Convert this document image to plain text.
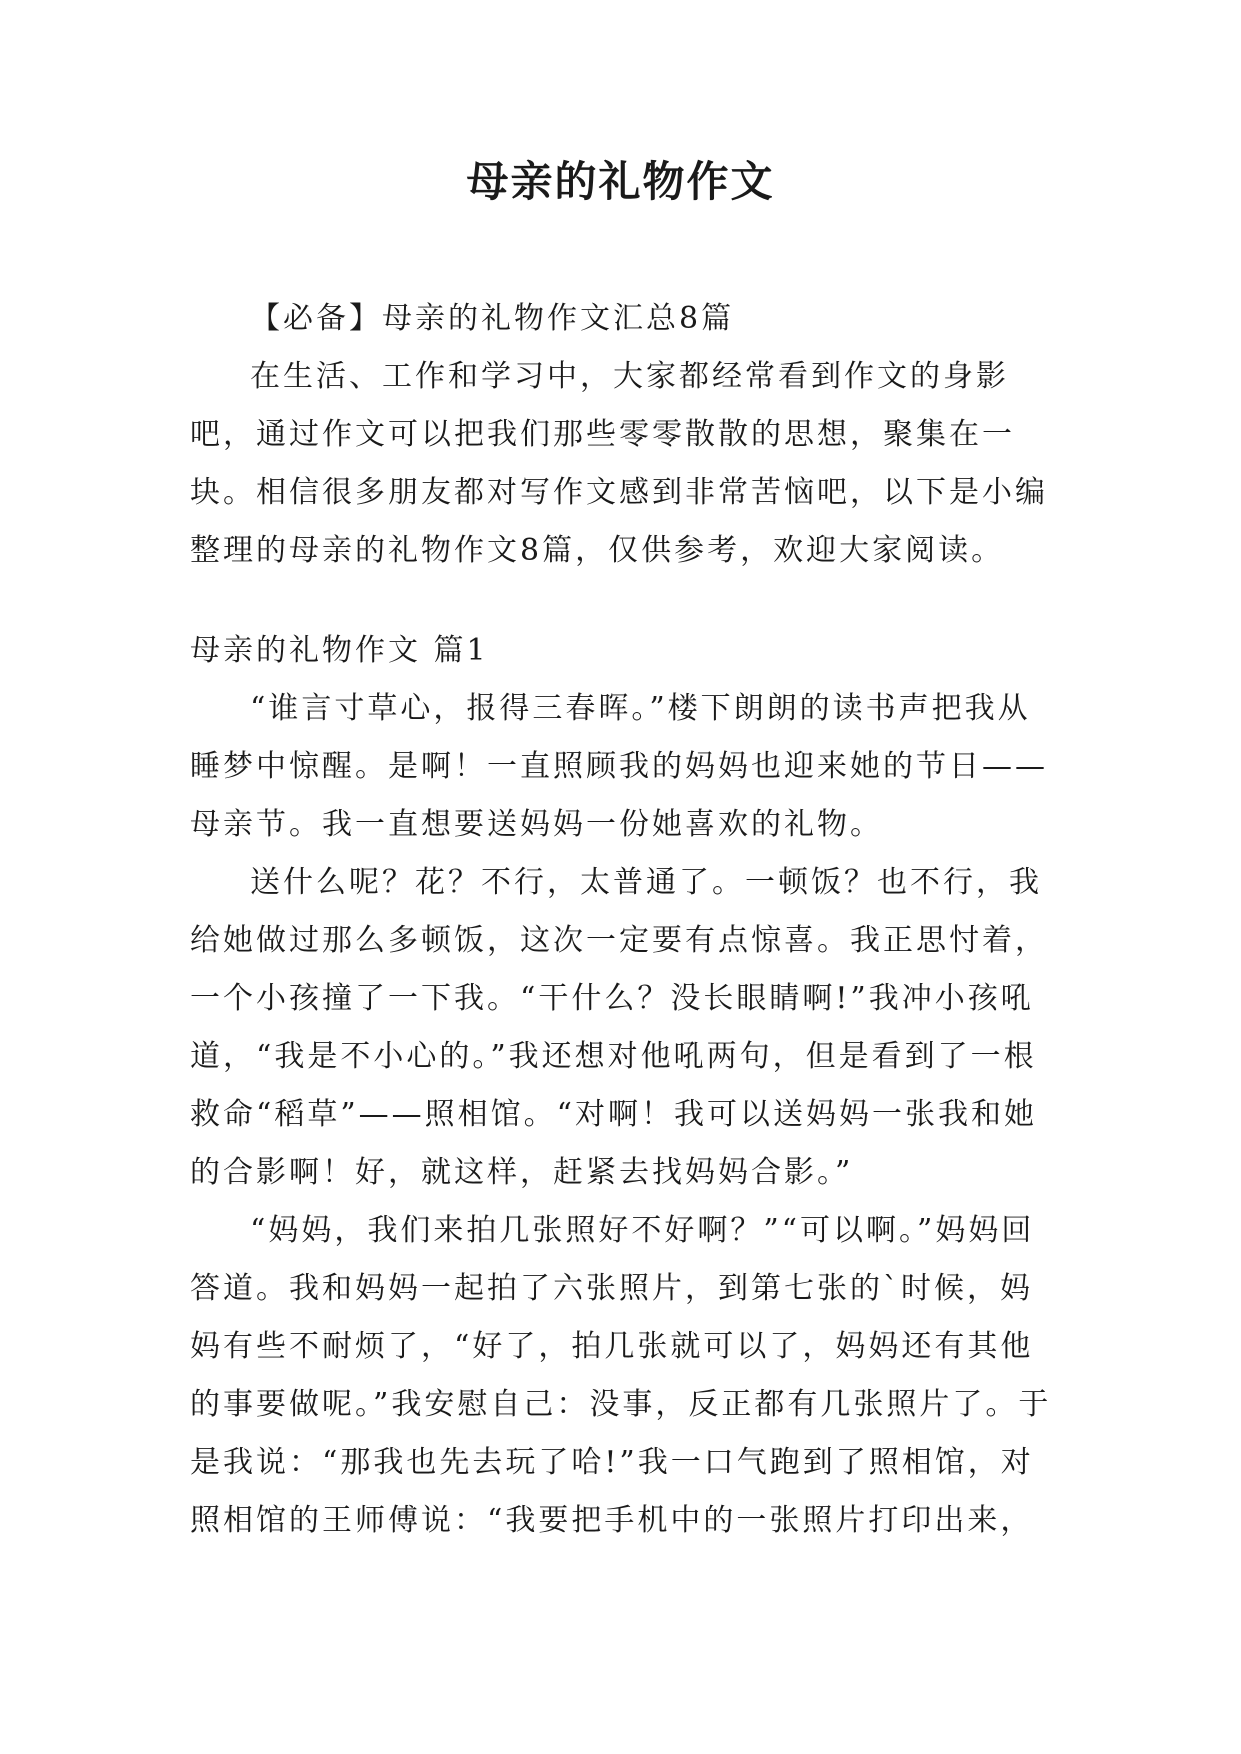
母亲的礼物作文

【必备】母亲的礼物作文汇总8篇

在生活、工作和学习中，大家都经常看到作文的身影吧，通过作文可以把我们那些零零散散的思想，聚集在一块。相信很多朋友都对写作文感到非常苦恼吧，以下是小编整理的母亲的礼物作文8篇，仅供参考，欢迎大家阅读。

母亲的礼物作文 篇1

“谁言寸草心，报得三春晖。”楼下朗朗的读书声把我从睡梦中惊醒。是啊！一直照顾我的妈妈也迎来她的节日——母亲节。我一直想要送妈妈一份她喜欢的礼物。

送什么呢？花？不行，太普通了。一顿饭？也不行，我给她做过那么多顿饭，这次一定要有点惊喜。我正思忖着，一个小孩撞了一下我。“干什么？没长眼睛啊!”我冲小孩吼道，“我是不小心的。”我还想对他吼两句，但是看到了一根救命“稻草”——照相馆。“对啊！我可以送妈妈一张我和她的合影啊！好，就这样，赶紧去找妈妈合影。”

“妈妈，我们来拍几张照好不好啊？”“可以啊。”妈妈回答道。我和妈妈一起拍了六张照片，到第七张的`时候，妈妈有些不耐烦了，“好了，拍几张就可以了，妈妈还有其他的事要做呢。”我安慰自己：没事，反正都有几张照片了。于是我说：“那我也先去玩了哈!”我一口气跑到了照相馆，对照相馆的王师傅说：“我要把手机中的一张照片打印出来，
